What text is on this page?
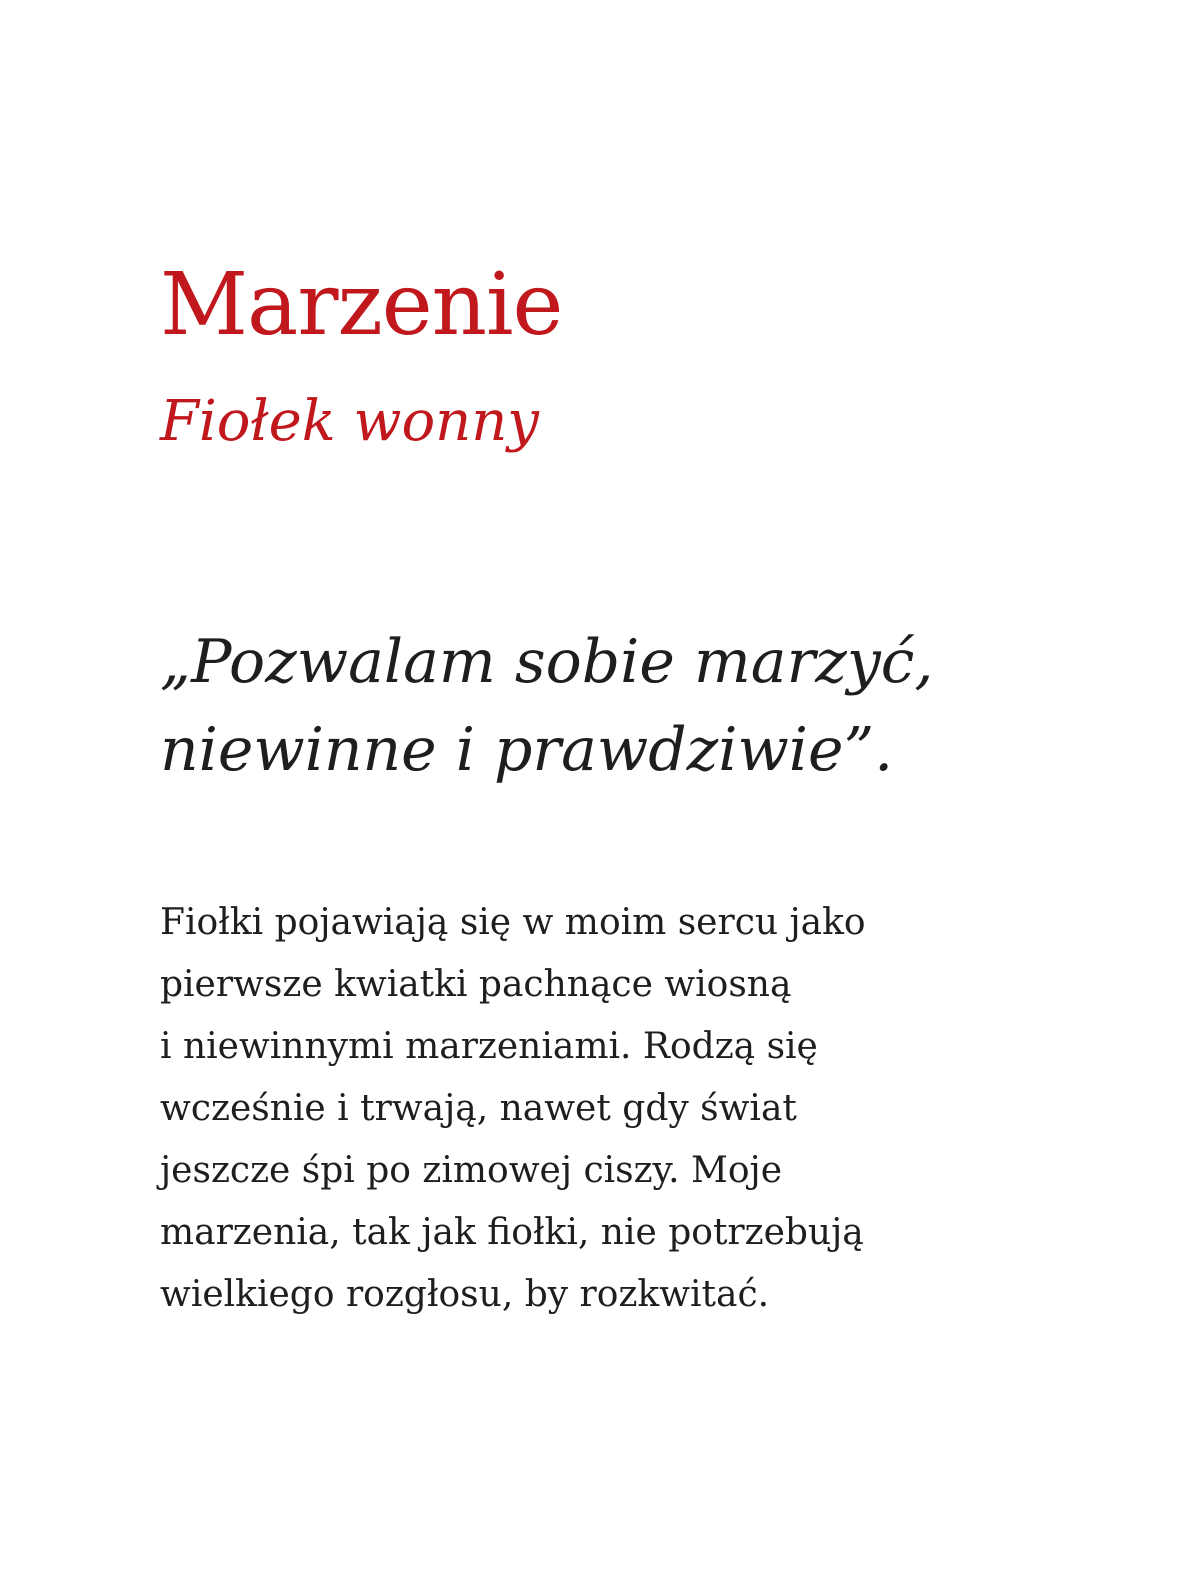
Marzenie
Fiołek wonny
„Pozwalam sobie marzyć,
niewinne i prawdziwie”.
Fiołki pojawiają się w moim sercu jako
pierwsze kwiatki pachnące wiosną
i niewinnymi marzeniami. Rodzą się
wcześnie i trwają, nawet gdy świat
jeszcze śpi po zimowej ciszy. Moje
marzenia, tak jak fiołki, nie potrzebują
wielkiego rozgłosu, by rozkwitać.
